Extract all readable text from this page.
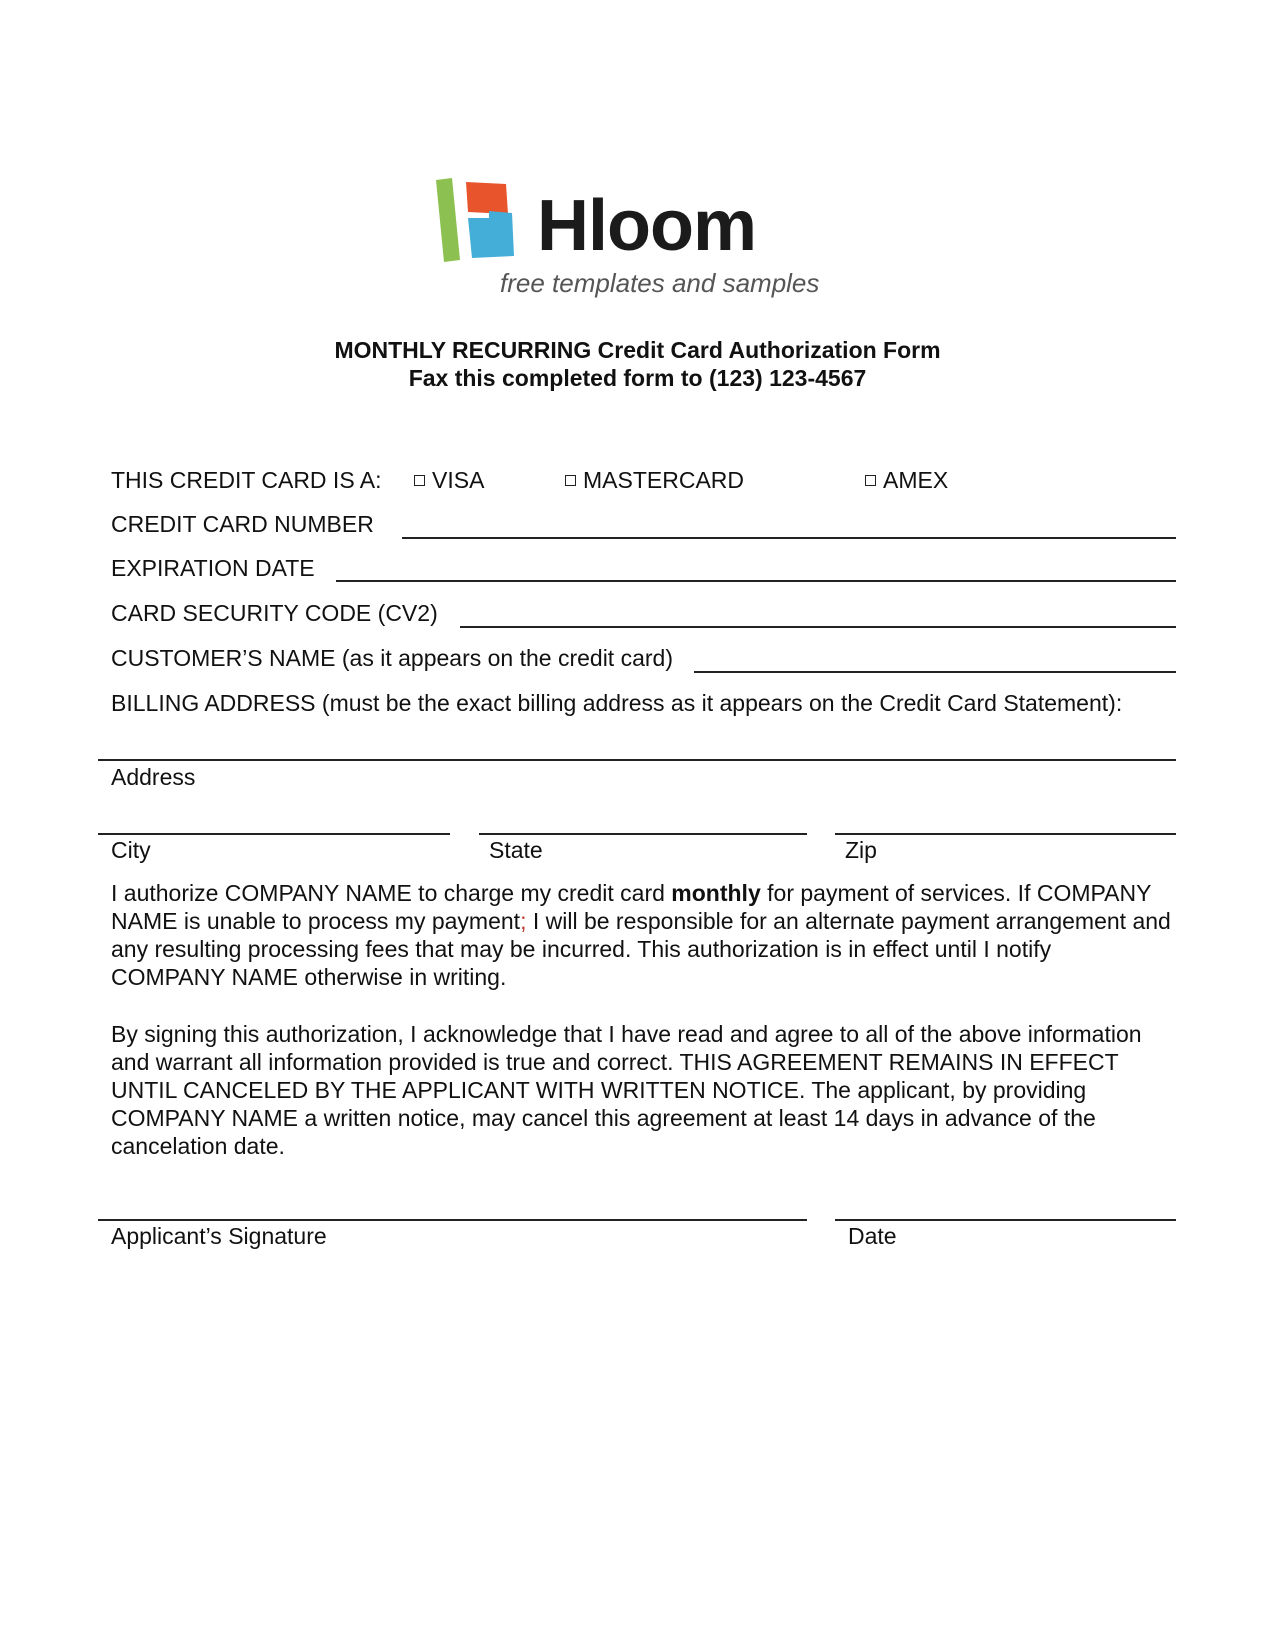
Hloom
free templates and samples
MONTHLY RECURRING Credit Card Authorization Form
Fax this completed form to (123) 123-4567
THIS CREDIT CARD IS A:	VISA	MASTERCARD	AMEX
CREDIT CARD NUMBER
EXPIRATION DATE
CARD SECURITY CODE (CV2)
CUSTOMER’S NAME (as it appears on the credit card)
BILLING ADDRESS (must be the exact billing address as it appears on the Credit Card Statement):
Address
City	State	Zip
I authorize COMPANY NAME to charge my credit card monthly for payment of services. If COMPANY NAME is unable to process my payment; I will be responsible for an alternate payment arrangement and any resulting processing fees that may be incurred. This authorization is in effect until I notify COMPANY NAME otherwise in writing.
By signing this authorization, I acknowledge that I have read and agree to all of the above information and warrant all information provided is true and correct. THIS AGREEMENT REMAINS IN EFFECT UNTIL CANCELED BY THE APPLICANT WITH WRITTEN NOTICE. The applicant, by providing COMPANY NAME a written notice, may cancel this agreement at least 14 days in advance of the cancelation date.
Applicant’s Signature	Date
